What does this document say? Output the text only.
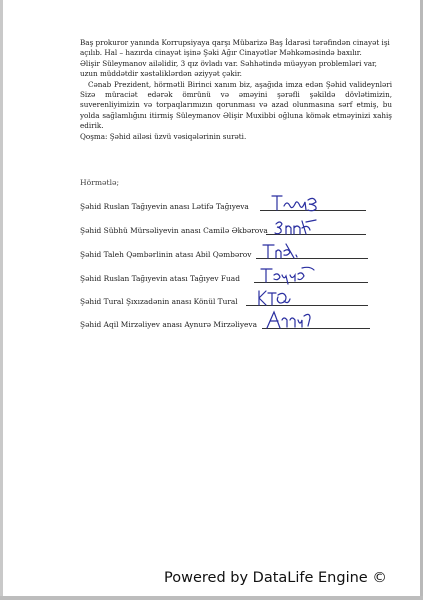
Baş prokuror yanında Korrupsiyaya qarşı Mübarizə Baş İdarəsi tərəfindən cinayət işi
açılıb. Hal – hazırda cinayət işinə Şəki Ağır Cinayətlər Məhkəməsində baxılır.

Əlişir Süleymanov ailəlidir, 3 qız övladı var. Səhhətində müəyyən problemləri var,
uzun müddətdir xəstəliklərdən əziyyət çəkir.

Cənab Prezident, hörmətli Birinci xanım biz, aşağıda imza edən Şəhid valideynləri Sizə müraciət edərək ömrünü və əməyini şərəfli şəkildə dövlətimizin, suverenliyimizin və torpaqlarımızın qorunması və azad olunmasına sərf etmiş, bu yolda sağlamlığını itirmiş Süleymanov Əlişir Muxibbi oğluna kömək etməyinizi xahiş edirik.

Qoşma: Şəhid ailəsi üzvü vəsiqələrinin surəti.

Hörmətlə;
Şəhid Ruslan Tağıyevin anası Lətifə Tağıyeva
Şəhid Sübhü Mürsəliyevin anası Camilə Əkbərova
Şəhid Taleh Qəmbərlinin atası Abil Qəmbərov
Şəhid Ruslan Tağıyevin atası Tağıyev Fuad
Şəhid Tural Şıxızadənin anası Könül Tural
Şəhid Aqil Mirzəliyev anası Aynurə Mirzəliyeva
Powered by DataLife Engine ©
